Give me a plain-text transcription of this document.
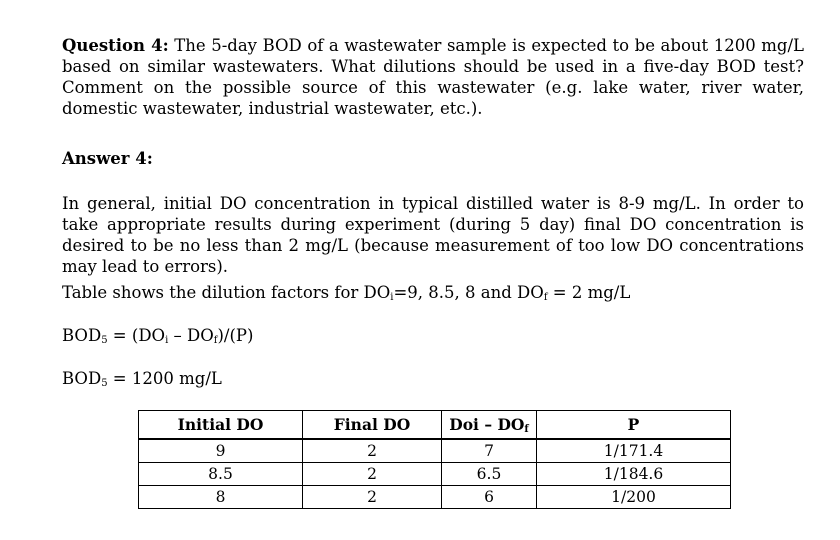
Question 4: The 5-day BOD of a wastewater sample is expected to be about 1200 mg/L based on similar wastewaters. What dilutions should be used in a five-day BOD test? Comment on the possible source of this wastewater (e.g. lake water, river water, domestic wastewater, industrial wastewater, etc.).

Answer 4:

In general, initial DO concentration in typical distilled water is 8-9 mg/L. In order to take appropriate results during experiment (during 5 day) final DO concentration is desired to be no less than 2 mg/L (because measurement of too low DO concentrations may lead to errors).

Table shows the dilution factors for $DO_i=9$, 8.5, 8 and $DO_f = 2$ mg/L
$BOD_5 = (DO_i - DO_f)/(P)$
$BOD_5 = 1200$ mg/L
Initial DO	Final DO	Doi – $DO_f$	P
9	2	7	1/171.4
8.5	2	6.5	1/184.6
8	2	6	1/200
